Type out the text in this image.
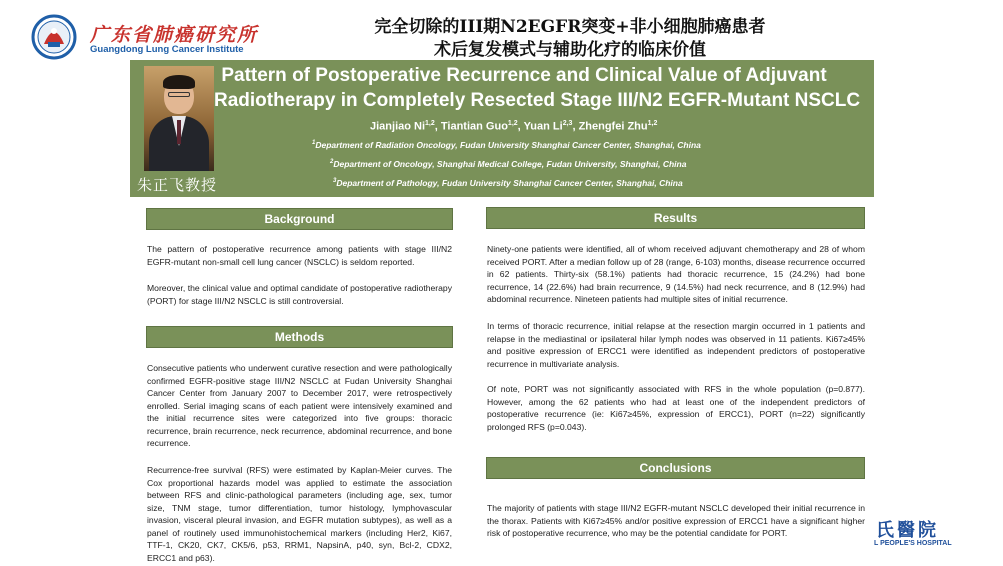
广东省肺癌研究所
Guangdong Lung Cancer Institute
完全切除的III期N2EGFR突变+非小细胞肺癌患者
术后复发模式与辅助化疗的临床价值
朱正飞教授
Pattern of Postoperative Recurrence and Clinical Value of Adjuvant
Radiotherapy in Completely Resected Stage III/N2 EGFR-Mutant NSCLC
Jianjiao Ni$^{1,2}$, Tiantian Guo$^{1,2}$, Yuan Li$^{2,3}$, Zhengfei Zhu$^{1,2}$
$^1$Department of Radiation Oncology, Fudan University Shanghai Cancer Center, Shanghai, China
$^2$Department of Oncology, Shanghai Medical College, Fudan University, Shanghai, China
$^3$Department of Pathology, Fudan University Shanghai Cancer Center, Shanghai, China
Background
The pattern of postoperative recurrence among patients with stage III/N2 EGFR-mutant non-small cell lung cancer (NSCLC) is seldom reported.
Moreover, the clinical value and optimal candidate of postoperative radiotherapy (PORT) for stage III/N2 NSCLC is still controversial.
Methods
Consecutive patients who underwent curative resection and were pathologically confirmed EGFR-positive stage III/N2 NSCLC at Fudan University Shanghai Cancer Center from January 2007 to December 2017, were retrospectively enrolled. Serial imaging scans of each patient were intensively examined and the initial recurrence sites were categorized into five groups: thoracic recurrence, brain recurrence, neck recurrence, abdominal recurrence, and bone recurrence.
Recurrence-free survival (RFS) were estimated by Kaplan-Meier curves. The Cox proportional hazards model was applied to estimate the association between RFS and clinic-pathological parameters (including age, sex, tumor size, TNM stage, tumor differentiation, tumor histology, lymphovascular invasion, visceral pleural invasion, and EGFR mutation subtypes), as well as a panel of routinely used immunohistochemical markers (including Her2, Ki67, TTF-1, CK20, CK7, CK5/6, p53, RRM1, NapsinA, p40, syn, Bcl-2, CDX2, ERCC1 and p63).
Results
Ninety-one patients were identified, all of whom received adjuvant chemotherapy and 28 of whom received PORT. After a median follow up of 28 (range, 6-103) months, disease recurrence occurred in 62 patients. Thirty-six (58.1%) patients had thoracic recurrence, 15 (24.2%) had bone recurrence, 14 (22.6%) had brain recurrence, 9 (14.5%) had neck recurrence, and 8 (12.9%) had abdominal recurrence. Nineteen patients had multiple sites of initial recurrence.
In terms of thoracic recurrence, initial relapse at the resection margin occurred in 1 patients and relapse in the mediastinal or ipsilateral hilar lymph nodes was observed in 11 patients. Ki67≥45% and positive expression of ERCC1 were identified as independent predictors of postoperative recurrence in multivariate analysis.
Of note, PORT was not significantly associated with RFS in the whole population (p=0.877). However, among the 62 patients who had at least one of the independent predictors of postoperative recurrence (ie: Ki67≥45%, expression of ERCC1), PORT (n=22) significantly prolonged RFS (p=0.043).
Conclusions
The majority of patients with stage III/N2 EGFR-mutant NSCLC developed their initial recurrence in the thorax. Patients with Ki67≥45% and/or positive expression of ERCC1 have a significant higher risk of postoperative recurrence, who may be the potential candidate for PORT.	氏醫院
L PEOPLE'S HOSPITAL
